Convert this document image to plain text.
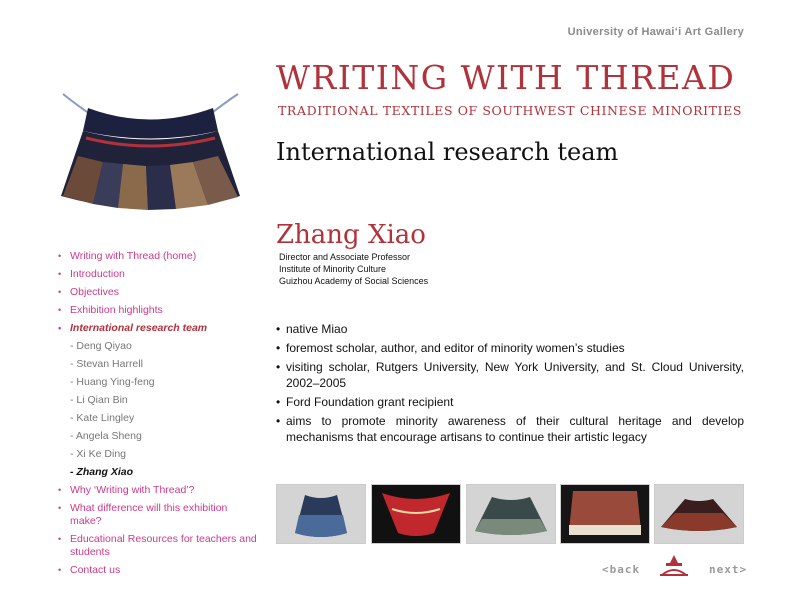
University of Hawai‘i Art Gallery
WRITING WITH THREAD
TRADITIONAL TEXTILES OF SOUTHWEST CHINESE MINORITIES
International research team
Zhang Xiao
Director and Associate Professor
Institute of Minority Culture
Guizhou Academy of Social Sciences
• native Miao
• foremost scholar, author, and editor of minority women’s studies
• visiting scholar, Rutgers University, New York University, and St. Cloud University, 2002–2005
• Ford Foundation grant recipient
• aims to promote minority awareness of their cultural heritage and develop mechanisms that encourage artisans to continue their artistic legacy
• Writing with Thread (home)
• Introduction
• Objectives
• Exhibition highlights
• International research team
- Deng Qiyao
- Stevan Harrell
- Huang Ying-feng
- Li Qian Bin
- Kate Lingley
- Angela Sheng
- Xi Ke Ding
- Zhang Xiao
• Why ‘Writing with Thread’?
• What difference will this exhibition make?
• Educational Resources for teachers and students
• Contact us	<back	next>
